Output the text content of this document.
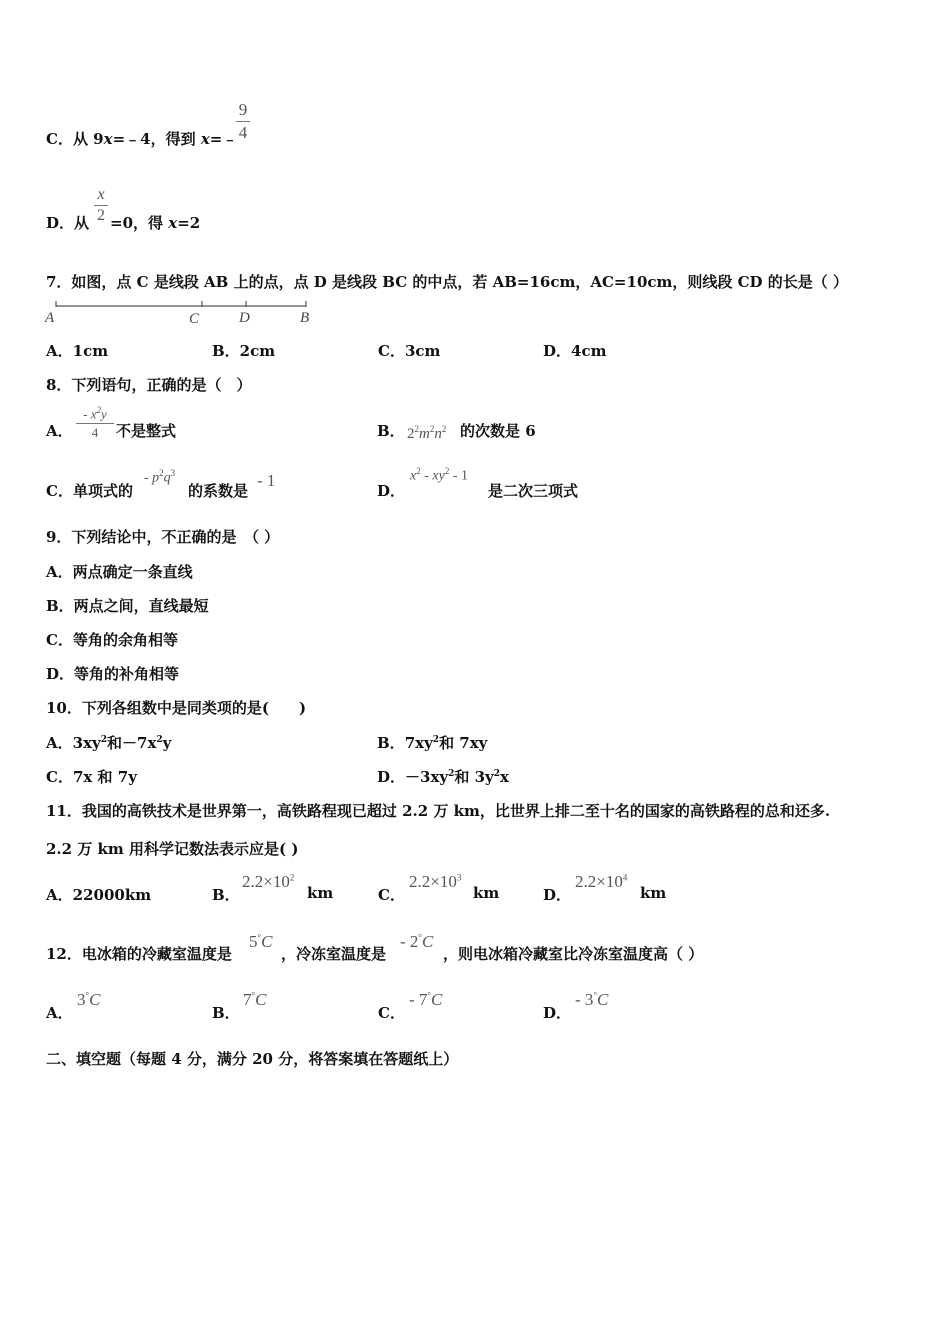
C．从 9x=﹣4，得到 x=﹣
9
4
D．从
x
2 =0，得 x=2
7．如图，点 C 是线段 AB 上的点，点 D 是线段 BC 的中点，若 AB=16cm，AC=10cm，则线段 CD 的长是（ ）
A	C	D	B
A．1cm	B．2cm	C．3cm	D．4cm
8．下列语句，正确的是（　）
A．
- $x^2y$
4	不是整式	B． $2^2m^2n^2$ 的次数是 6
C．单项式的
- $p^2q^3$
的系数是
- 1
D．
$x^2 - xy^2 - 1$
是二次三项式
9．下列结论中，不正确的是　（ ）
A．两点确定一条直线
B．两点之间，直线最短
C．等角的余角相等
D．等角的补角相等
10．下列各组数中是同类项的是(　　)
A．$3xy^2$和$-7x^2y$	B．$7xy^2$和 7xy
C．7x 和 7y	D．$-3xy^2$和 $3y^2x$
11．我国的高铁技术是世界第一，高铁路程现已超过 2.2 万 km，比世界上排二至十名的国家的高铁路程的总和还多.
2.2 万 km 用科学记数法表示应是( )
A．22000km	B．
$2.2\times 10^2$
km	C．
$2.2\times 10^3$
km	D．
$2.2\times 10^4$
km
12．电冰箱的冷藏室温度是
5°C
，冷冻室温度是
- 2°C
，则电冰箱冷藏室比冷冻室温度高（ ）
A．
3°C
B．
7°C
C．
- 7°C
D．
- 3°C
二、填空题（每题 4 分，满分 20 分，将答案填在答题纸上）
